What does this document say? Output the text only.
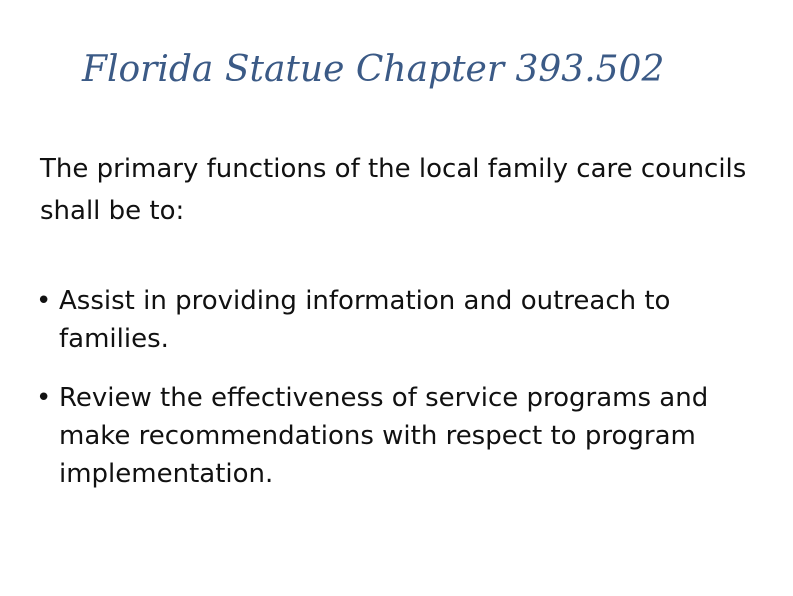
Florida Statue Chapter 393.502
The primary functions of the local family care councils shall be to:
• Assist in providing information and outreach to families.
• Review the effectiveness of service programs and make recommendations with respect to program implementation.
